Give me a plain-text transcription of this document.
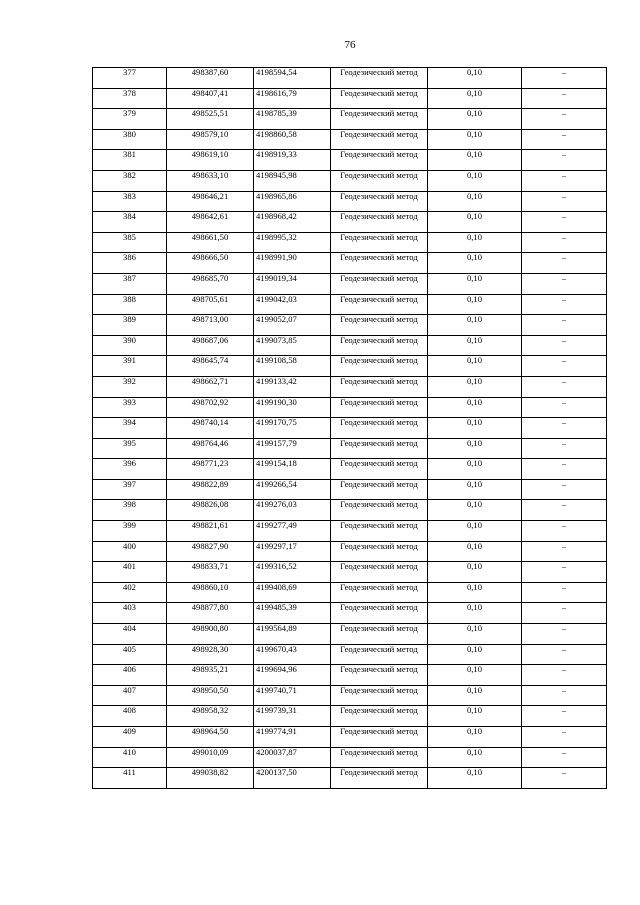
76
377	498387,60	4198594,54	Геодезический метод	0,10	–
378	498407,41	4198616,79	Геодезический метод	0,10	–
379	498525,51	4198785,39	Геодезический метод	0,10	–
380	498579,10	4198860,58	Геодезический метод	0,10	–
381	498619,10	4198919,33	Геодезический метод	0,10	–
382	498633,10	4198945,98	Геодезический метод	0,10	–
383	498646,21	4198965,86	Геодезический метод	0,10	–
384	498642,61	4198968,42	Геодезический метод	0,10	–
385	498661,50	4198995,32	Геодезический метод	0,10	–
386	498666,50	4198991,90	Геодезический метод	0,10	–
387	498685,70	4199019,34	Геодезический метод	0,10	–
388	498705,61	4199042,03	Геодезический метод	0,10	–
389	498713,00	4199052,07	Геодезический метод	0,10	–
390	498687,06	4199073,85	Геодезический метод	0,10	–
391	498645,74	4199108,58	Геодезический метод	0,10	–
392	498662,71	4199133,42	Геодезический метод	0,10	–
393	498702,92	4199190,30	Геодезический метод	0,10	–
394	498740,14	4199170,75	Геодезический метод	0,10	–
395	498764,46	4199157,79	Геодезический метод	0,10	–
396	498771,23	4199154,18	Геодезический метод	0,10	–
397	498822,89	4199266,54	Геодезический метод	0,10	–
398	498826,08	4199276,03	Геодезический метод	0,10	–
399	498821,61	4199277,49	Геодезический метод	0,10	–
400	498827,90	4199297,17	Геодезический метод	0,10	–
401	498833,71	4199316,52	Геодезический метод	0,10	–
402	498860,10	4199408,69	Геодезический метод	0,10	–
403	498877,80	4199485,39	Геодезический метод	0,10	–
404	498900,80	4199564,89	Геодезический метод	0,10	–
405	498928,30	4199670,43	Геодезический метод	0,10	–
406	498935,21	4199694,96	Геодезический метод	0,10	–
407	498950,50	4199740,71	Геодезический метод	0,10	–
408	498958,32	4199739,31	Геодезический метод	0,10	–
409	498964,50	4199774,91	Геодезический метод	0,10	–
410	499010,09	4200037,87	Геодезический метод	0,10	–
411	499038,82	4200137,50	Геодезический метод	0,10	–
